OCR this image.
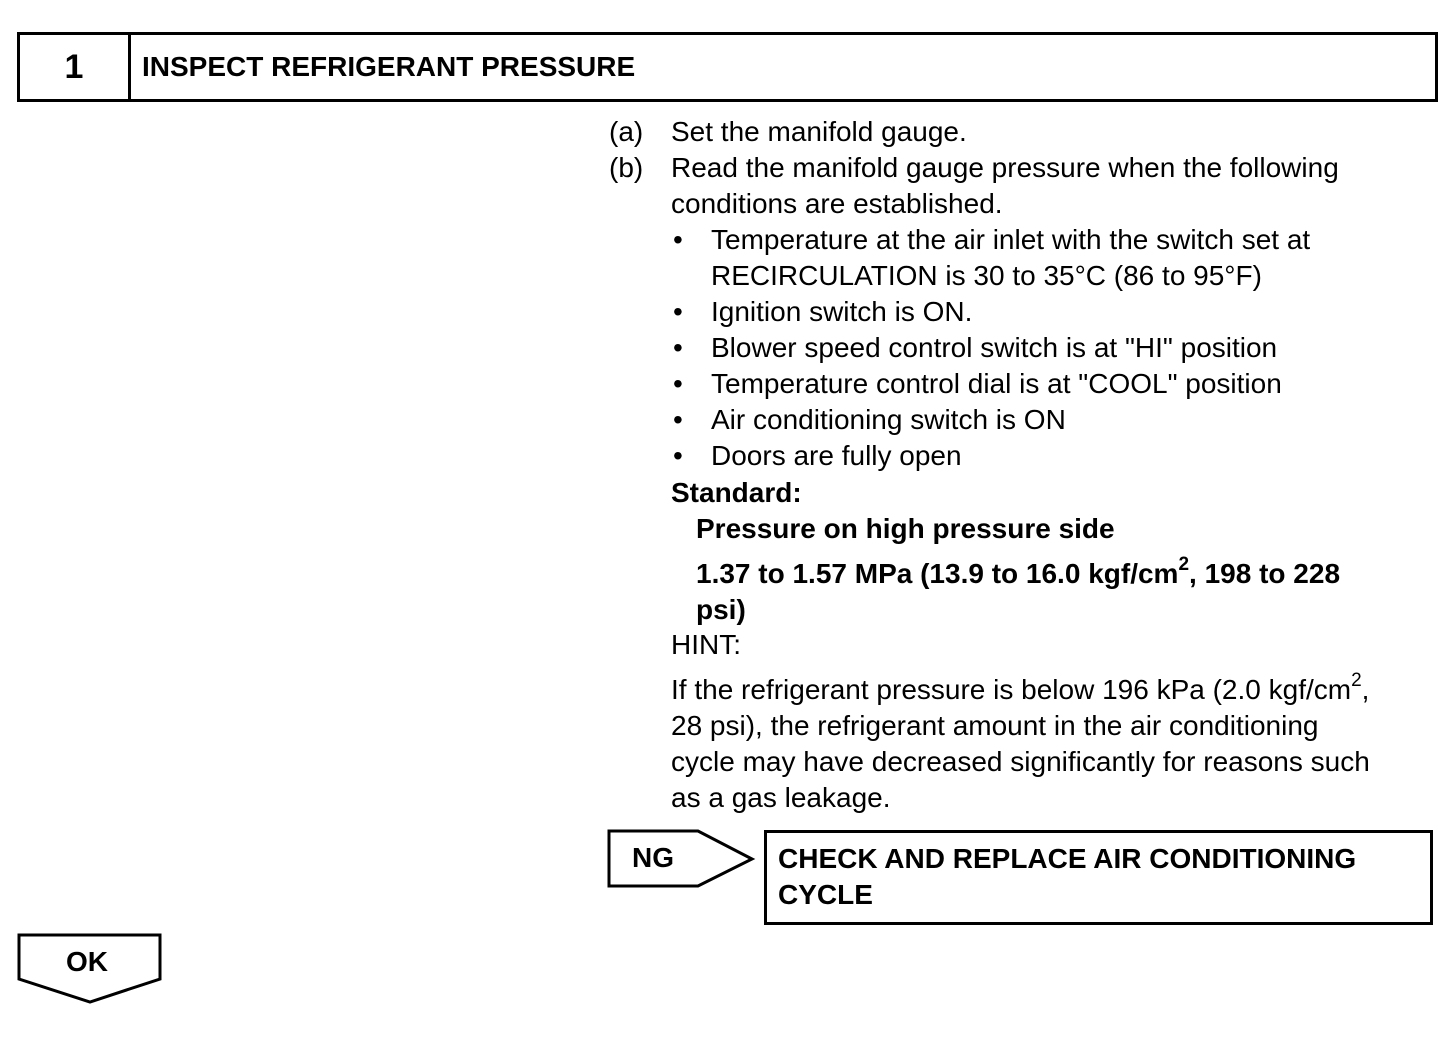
1	INSPECT REFRIGERANT PRESSURE
(a) Set the manifold gauge.
(b) Read the manifold gauge pressure when the following
conditions are established.
• Temperature at the air inlet with the switch set at
RECIRCULATION is 30 to 35°C (86 to 95°F)
• Ignition switch is ON.
• Blower speed control switch is at "HI" position
• Temperature control dial is at "COOL" position
• Air conditioning switch is ON
• Doors are fully open
Standard:
Pressure on high pressure side
1.37 to 1.57 MPa (13.9 to 16.0 kgf/$cm^2$, 198 to 228
psi)
HINT:
If the refrigerant pressure is below 196 kPa (2.0 kgf/$cm^2$,
28 psi), the refrigerant amount in the air conditioning
cycle may have decreased significantly for reasons such
as a gas leakage.
NG	CHECK AND REPLACE AIR CONDITIONING
CYCLE
OK
